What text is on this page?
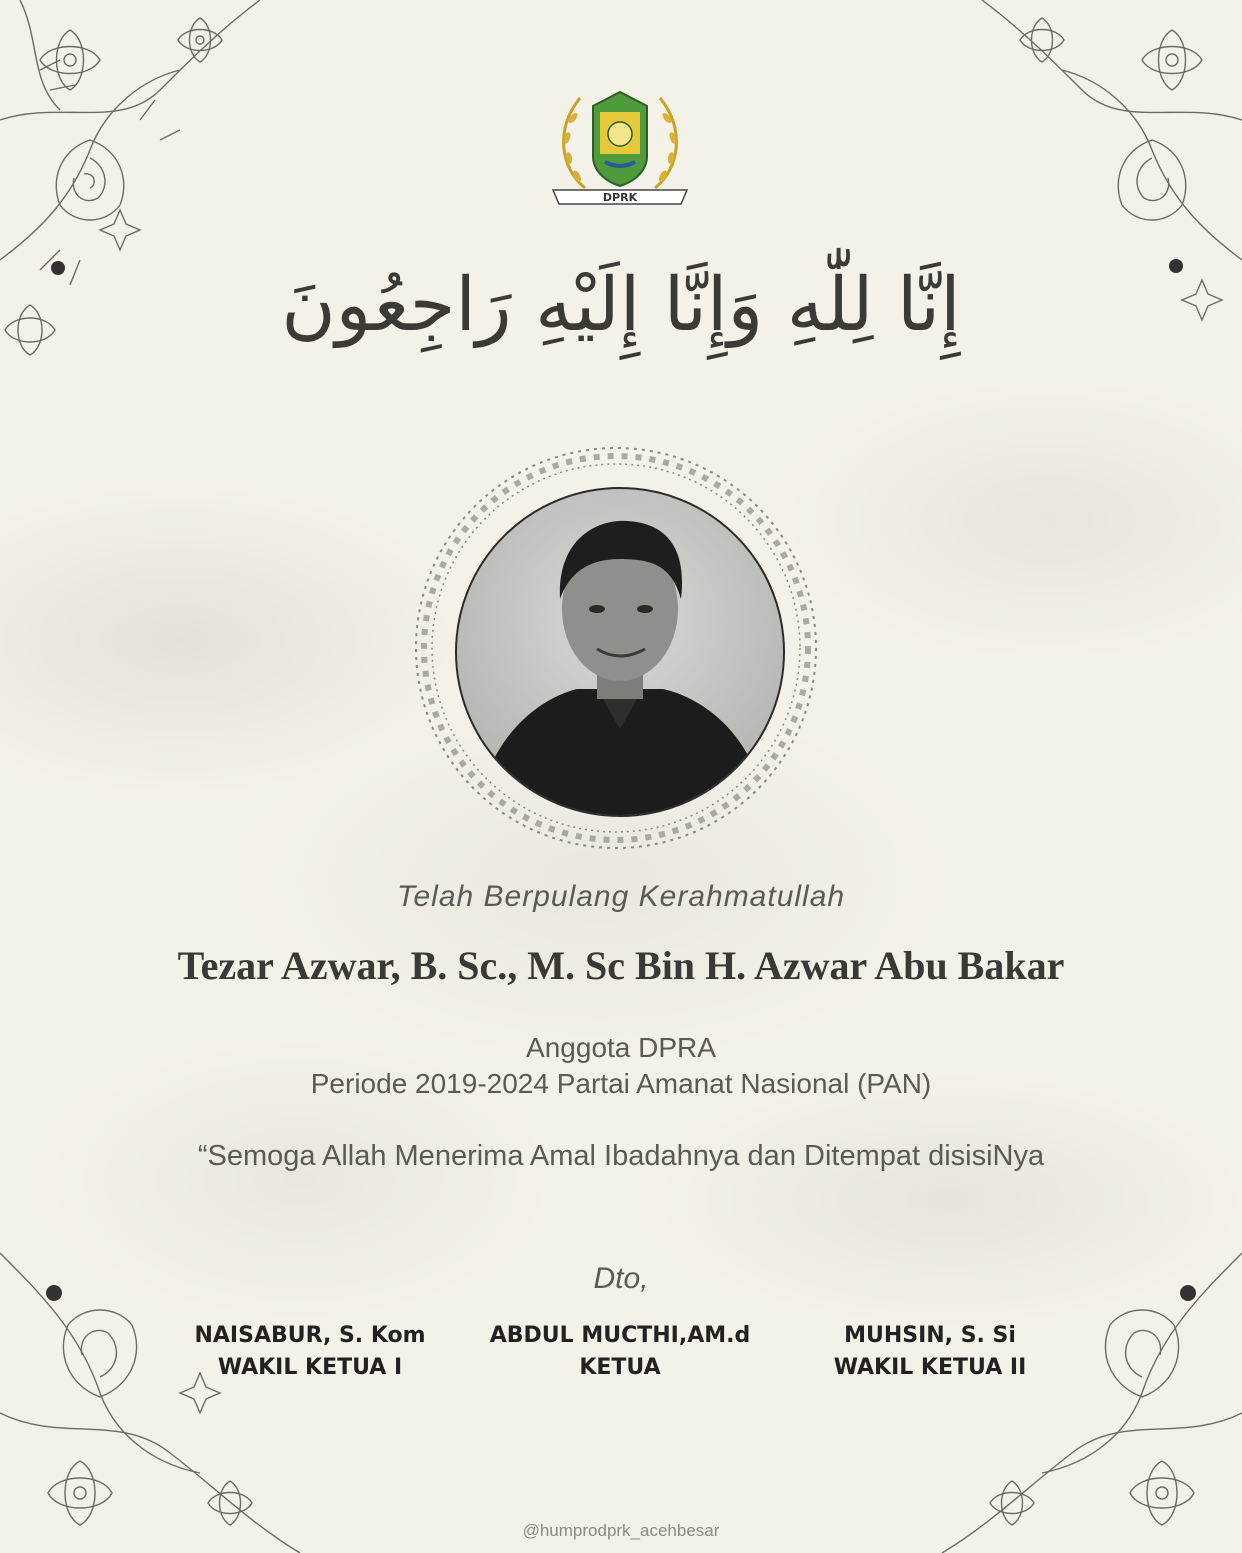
DPRK
إِنَّا لِلّٰهِ وَإِنَّا إِلَيْهِ رَاجِعُونَ
Telah Berpulang Kerahmatullah
Tezar Azwar, B. Sc., M. Sc Bin H. Azwar Abu Bakar
Anggota DPRA
Periode 2019-2024 Partai Amanat Nasional (PAN)
“Semoga Allah Menerima Amal Ibadahnya dan Ditempat disisiNya
Dto,
NAISABUR, S. Kom
WAKIL KETUA I
ABDUL MUCTHI,AM.d
KETUA
MUHSIN, S. Si
WAKIL KETUA II
@humprodprk_acehbesar
